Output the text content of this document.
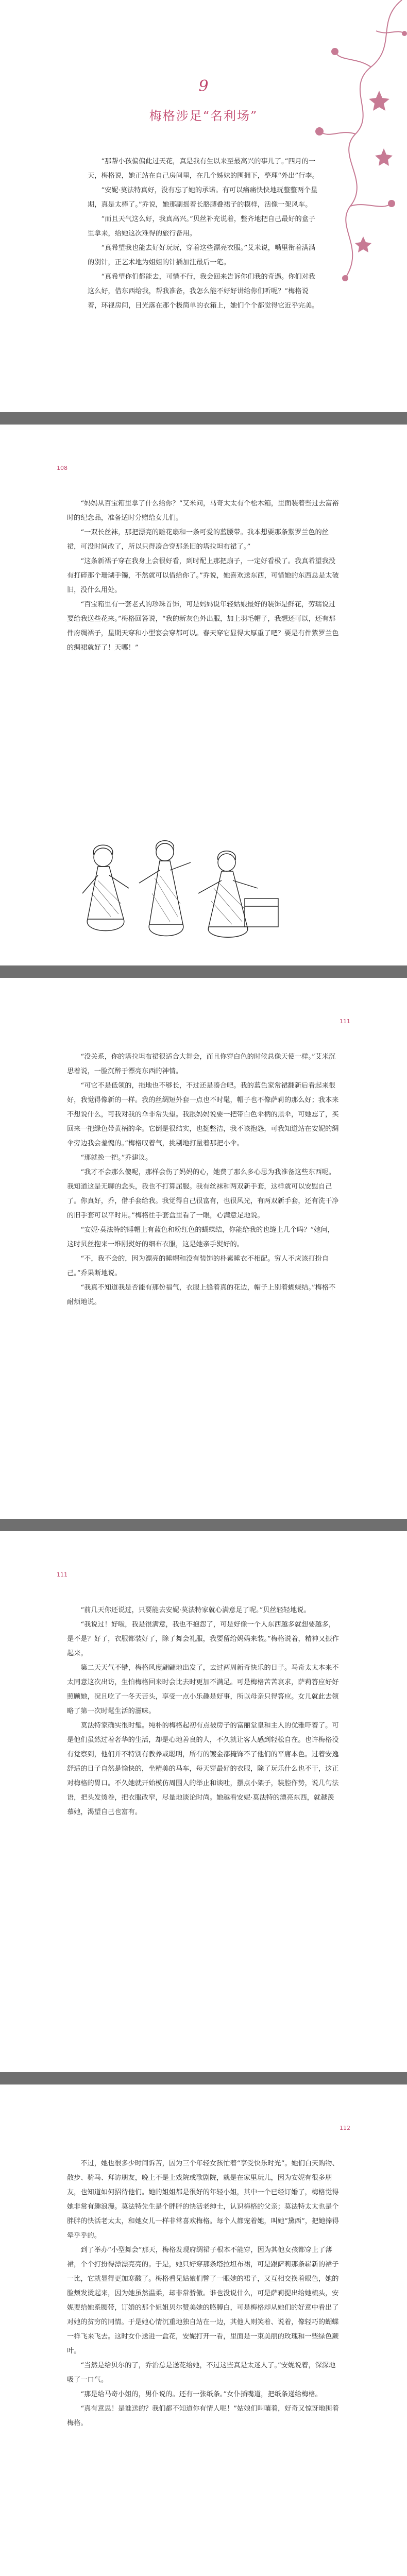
9
梅格涉足“名利场”

“那帮小孩偏偏此过天花，真是我有生以来至最高兴的事儿了。”四月的一天，梅格说，她正站在自己房间里，在几个姊妹的围拥下，整理“外出”行李。

“安妮·莫法特真好，没有忘了她的承诺。有可以痛痛快快地玩整整两个星期，真是太棒了。”乔说，她那副摇着长胳膊叠裙子的模样，活像一架风车。

“而且天气这么好，我真高兴。”贝丝补充说着，整齐地把自己最好的盒子里拿来，给她这次难得的旅行备用。

“真希望我也能去好好玩玩，穿着这些漂亮衣服。”艾米说，嘴里衔着满满的别针，正艺术地为姐姐的针插加注最后一笔。

“真希望你们都能去，可惜不行，我会回来告诉你们我的奇遇。你们对我这么好，借东西给我，帮我准备，我怎么能不好好讲给你们听呢？”梅格说着，环视房间，目光落在那个极简单的衣箱上，她们个个都觉得它近乎完美。

108

“妈妈从百宝箱里拿了什么给你？”艾米问，马奇太太有个松木箱，里面装着些过去富裕时的纪念品，准备适时分赠给女儿们。

“一双长丝袜，那把漂亮的雕花扇和一条可爱的蓝腰带。我本想要那条紫罗兰色的丝裙，可没时间改了，所以只得凑合穿那条旧的塔拉坦布裙了。”

“这条新裙子穿在我身上会很好看，到时配上那把扇子，一定好看极了。我真希望我没有打碎那个珊瑚手镯，不然就可以借给你了。”乔说，她喜欢送东西，可惜她的东西总是太破旧，没什么用处。

“百宝箱里有一套老式的珍珠首饰，可是妈妈说年轻姑娘最好的装饰是鲜花，劳瑞说过要给我送些花来。”梅格回答说，“我的新灰色外出服，加上羽毛帽子，我想还可以，还有那件府绸裙子，星期天穿和小型宴会穿都可以。春天穿它显得太厚重了吧？要是有件紫罗兰色的绸裙就好了！天哪！”

111

“没关系，你的塔拉坦布裙很适合大舞会，而且你穿白色的时候总像天使一样。”艾米沉思着说，一脸沉醉于漂亮东西的神情。

“可它不是低领的，拖地也不够长，不过还是凑合吧。我的蓝色家常裙翻新后看起来很好，我觉得像新的一样。我的丝绸短外套一点也不时髦，帽子也不像萨莉的那么好；我本来不想说什么，可我对我的伞非常失望。我跟妈妈说要一把带白色伞柄的黑伞，可她忘了，买回来一把绿色带黄柄的伞。它倒是很结实，也挺整洁，我不该抱怨，可我知道站在安妮的绸伞旁边我会羞愧的。”梅格叹着气，挑剔地打量着那把小伞。

“那就换一把。”乔建议。

“我才不会那么傻呢，那样会伤了妈妈的心，她费了那么多心思为我准备这些东西呢。我知道这是无聊的念头，我也不打算屈服。我有丝袜和两双新手套，这样就可以安慰自己了。你真好，乔，借手套给我。我觉得自己很富有，也很风光，有两双新手套，还有洗干净的旧手套可以平时用。”梅格往手套盒里看了一眼，心满意足地说。

“安妮·莫法特的睡帽上有蓝色和粉红色的蝴蝶结，你能给我的也缝上几个吗？”她问，这时贝丝抱来一堆刚熨好的细布衣服，这是她亲手熨好的。

“不，我不会的，因为漂亮的睡帽和没有装饰的朴素睡衣不相配。穷人不应该打扮自己。”乔果断地说。

“我真不知道我是否能有那份福气，衣服上缝着真的花边，帽子上别着蝴蝶结。”梅格不耐烦地说。

111

“前几天你还说过，只要能去安妮·莫法特家就心满意足了呢。”贝丝轻轻地说。

“我说过！好啦，我是很满意，我也不抱怨了，可是好像一个人东西越多就想要越多，是不是？好了，衣服都装好了，除了舞会礼服，我要留给妈妈来装。”梅格说着，精神又振作起来。

第二天天气不错，梅格风度翩翩地出发了，去过两周新奇快乐的日子。马奇太太本来不太同意这次出访，生怕梅格回来时会比去时更加不满足。可是梅格苦苦哀求，萨莉答应好好照顾她，况且吃了一冬天苦头，享受一点小乐趣是好事，所以母亲只得答应。女儿就此去领略了第一次时髦生活的滋味。

莫法特家确实很时髦。纯朴的梅格起初有点被房子的富丽堂皇和主人的优雅吓着了。可是他们虽然过着奢华的生活，却是心地善良的人，不久就让客人感到轻松自在。也许梅格没有觉察到，他们并不特别有教养或聪明，所有的镀金都掩饰不了他们的平庸本色。过着安逸舒适的日子自然是愉快的，坐精美的马车，每天穿最好的衣服，除了玩乐什么也不干，这正对梅格的胃口。不久她就开始模仿周围人的举止和谈吐，摆点小架子，装腔作势，说几句法语，把头发烫卷，把衣服改窄，尽量地谈论时尚。她越看安妮·莫法特的漂亮东西，就越羡慕她，渴望自己也富有。

112

不过，她也很多少时间诉苦，因为三个年轻女孩忙着“享受快乐时光”。她们白天购物、散步、骑马、拜访朋友，晚上不是上戏院或歌剧院，就是在家里玩儿，因为安妮有很多朋友，也知道如何招待他们。她的姐姐都是很好的年轻小姐，其中一个已经订婚了，梅格觉得她非常有趣浪漫。莫法特先生是个胖胖的快活老绅士，认识梅格的父亲；莫法特太太也是个胖胖的快活老太太，和她女儿一样非常喜欢梅格。每个人都宠着她，叫她“黛西”，把她捧得晕乎乎的。

到了举办“小型舞会”那天，梅格发现府绸裙子根本不能穿，因为其他女孩都穿上了薄裙，个个打扮得漂漂亮亮的。于是，她只好穿那条塔拉坦布裙，可是跟萨莉那条崭新的裙子一比，它就显得更加寒酸了。梅格看见姑娘们瞥了一眼她的裙子，又互相交换着眼色，她的脸颊发烫起来，因为她虽然温柔，却非常骄傲。谁也没说什么，可是萨莉提出给她梳头，安妮要给她系腰带，订婚的那个姐姐贝尔赞美她的胳膊白，可是梅格却从她们的好意中看出了对她的贫穷的同情。于是她心情沉重地独自站在一边，其他人则笑着、说着，像轻巧的蝴蝶一样飞来飞去。这时女仆送进一盒花，安妮打开一看，里面是一束美丽的玫瑰和一些绿色蕨叶。

“当然是给贝尔的了，乔治总是送花给她，不过这些真是太迷人了。”安妮说着，深深地吸了一口气。

“那是给马奇小姐的，男仆说的。还有一张纸条。”女仆插嘴道，把纸条递给梅格。

“真有意思！是谁送的？我们都不知道你有情人呢！”姑娘们叫嚷着，好奇又惊讶地围着梅格。
